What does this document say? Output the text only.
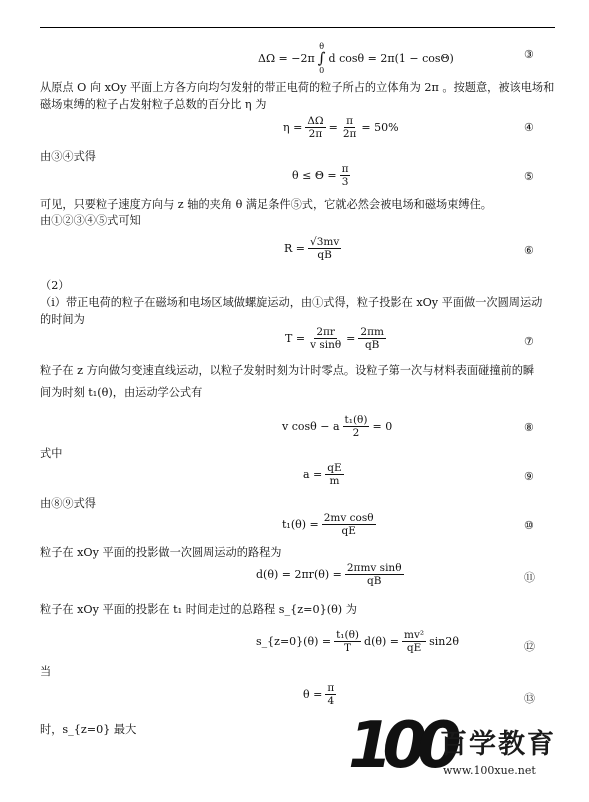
ΔΩ = −2π
θ
∫
0
d cosθ = 2π(1 − cosΘ)	③
从原点 O 向 xOy 平面上方各方向均匀发射的带正电荷的粒子所占的立体角为 2π 。按题意，被该电场和
磁场束缚的粒子占发射粒子总数的百分比 η 为
$\eta = \frac{\Delta\Omega}{2\pi} = \frac{\pi}{2\pi} = 50\%$	④
由③④式得
$\theta \le \Theta = \frac{\pi}{3}$	⑤
可见，只要粒子速度方向与 z 轴的夹角 θ 满足条件⑤式，它就必然会被电场和磁场束缚住。
由①②③④⑤式可知
$R = \frac{√3mv}{qB}$	⑥
（2）
（i）带正电荷的粒子在磁场和电场区域做螺旋运动，由①式得，粒子投影在 xOy 平面做一次圆周运动
的时间为
$T = \frac{2\pi r}{\text{v sinθ}} = \frac{2\pi m}{qB}$	⑦
粒子在 z 方向做匀变速直线运动，以粒子发射时刻为计时零点。设粒子第一次与材料表面碰撞前的瞬
间为时刻 t₁(θ)，由运动学公式有
v cosθ − a $\frac{\text{t₁(θ)}}{2} = 0$	⑧
式中
$a = \frac{qE}{m}$	⑨
由⑧⑨式得
$t_1(\theta) = \frac{\text{2mv cosθ}}{qE}$	⑩
粒子在 xOy 平面的投影做一次圆周运动的路程为
$d(\theta) = 2\pi r(\theta) = \frac{\text{2πmv sinθ}}{qB}$	⑪
粒子在 xOy 平面的投影在 t₁ 时间走过的总路程 s_{z=0}(θ) 为
s_{z=0}(θ) = $\frac{\text{t₁(θ)}}{T} d(\theta) = \frac{\text{mv²}}{qE} \sin 2\theta$	⑫
当
$\theta = \frac{\pi}{4}$	⑬
时，s_{z=0} 最大	100
百学教育
www.100xue.net
